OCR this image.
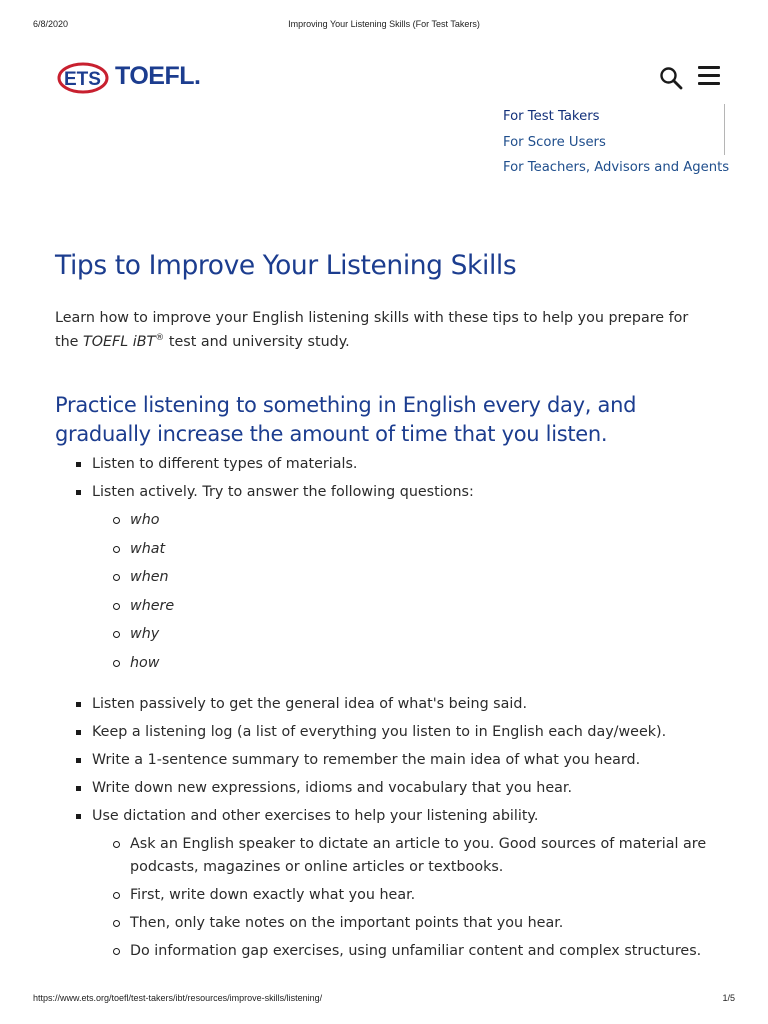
6/8/2020	Improving Your Listening Skills (For Test Takers)
ETS TOEFL.
For Test Takers
For Score Users
For Teachers, Advisors and Agents
Tips to Improve Your Listening Skills

Learn how to improve your English listening skills with these tips to help you prepare for the TOEFL iBT® test and university study.

Practice listening to something in English every day, and gradually increase the amount of time that you listen.
Listen to different types of materials.
Listen actively. Try to answer the following questions:
who
what
when
where
why
how
Listen passively to get the general idea of what's being said.
Keep a listening log (a list of everything you listen to in English each day/week).
Write a 1-sentence summary to remember the main idea of what you heard.
Write down new expressions, idioms and vocabulary that you hear.
Use dictation and other exercises to help your listening ability.
Ask an English speaker to dictate an article to you. Good sources of material are podcasts, magazines or online articles or textbooks.
First, write down exactly what you hear.
Then, only take notes on the important points that you hear.
Do information gap exercises, using unfamiliar content and complex structures.
https://www.ets.org/toefl/test-takers/ibt/resources/improve-skills/listening/	1/5
